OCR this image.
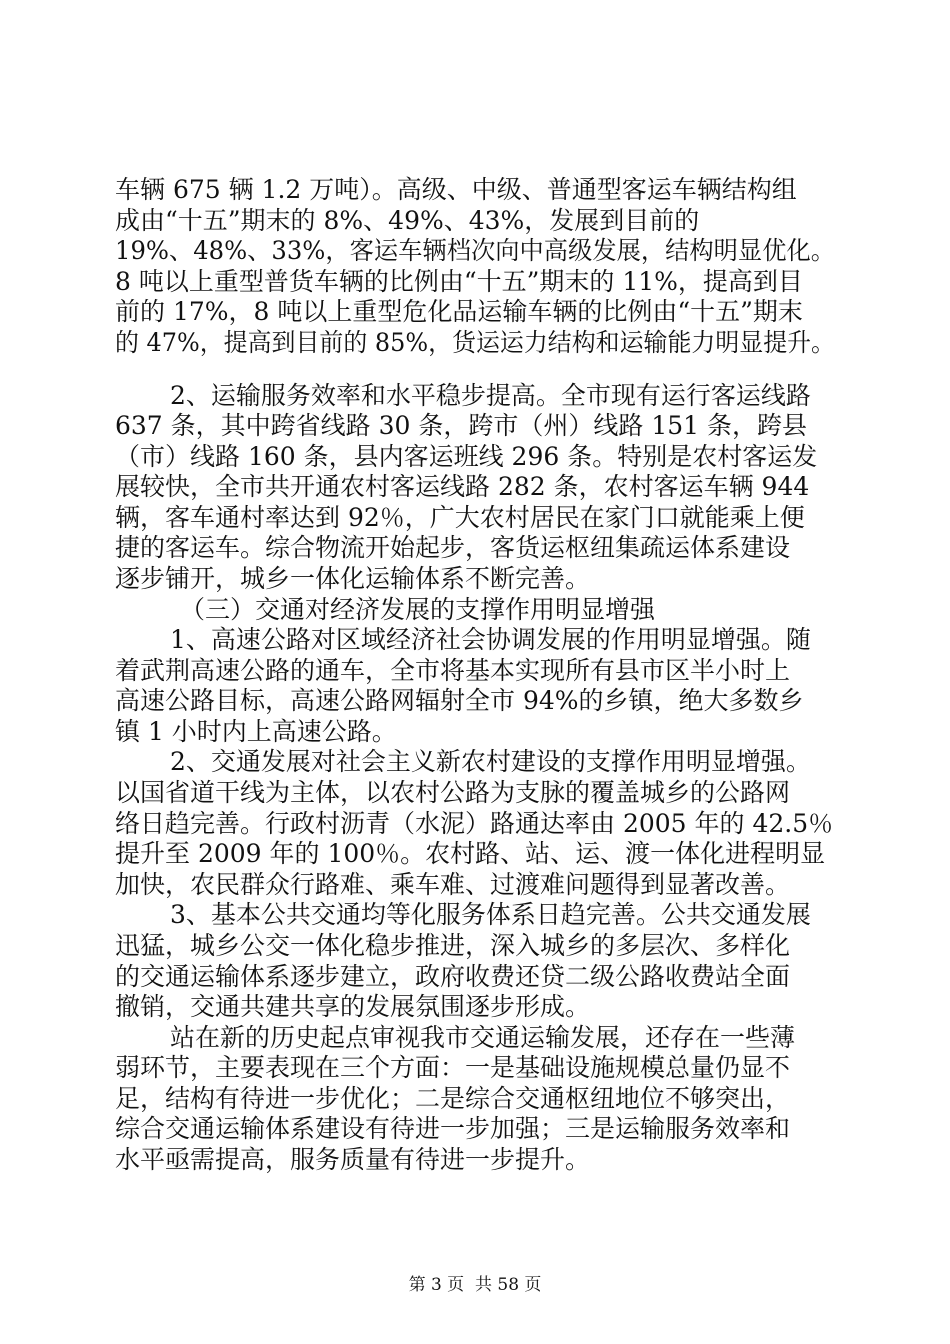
车辆 675 辆 1.2 万吨）。高级、中级、普通型客运车辆结构组
成由“十五”期末的 8%、49%、43%，发展到目前的
19%、48%、33%，客运车辆档次向中高级发展，结构明显优化。
8 吨以上重型普货车辆的比例由“十五”期末的 11%，提高到目
前的 17%，8 吨以上重型危化品运输车辆的比例由“十五”期末
的 47%，提高到目前的 85%，货运运力结构和运输能力明显提升。
2、运输服务效率和水平稳步提高。全市现有运行客运线路
637 条，其中跨省线路 30 条，跨市（州）线路 151 条，跨县
（市）线路 160 条，县内客运班线 296 条。特别是农村客运发
展较快，全市共开通农村客运线路 282 条，农村客运车辆 944
辆，客车通村率达到 92％，广大农村居民在家门口就能乘上便
捷的客运车。综合物流开始起步，客货运枢纽集疏运体系建设
逐步铺开，城乡一体化运输体系不断完善。
（三）交通对经济发展的支撑作用明显增强
1、高速公路对区域经济社会协调发展的作用明显增强。随
着武荆高速公路的通车，全市将基本实现所有县市区半小时上
高速公路目标，高速公路网辐射全市 94%的乡镇，绝大多数乡
镇 1 小时内上高速公路。
2、交通发展对社会主义新农村建设的支撑作用明显增强。
以国省道干线为主体，以农村公路为支脉的覆盖城乡的公路网
络日趋完善。行政村沥青（水泥）路通达率由 2005 年的 42.5％
提升至 2009 年的 100％。农村路、站、运、渡一体化进程明显
加快，农民群众行路难、乘车难、过渡难问题得到显著改善。
3、基本公共交通均等化服务体系日趋完善。公共交通发展
迅猛，城乡公交一体化稳步推进，深入城乡的多层次、多样化
的交通运输体系逐步建立，政府收费还贷二级公路收费站全面
撤销，交通共建共享的发展氛围逐步形成。
站在新的历史起点审视我市交通运输发展，还存在一些薄
弱环节，主要表现在三个方面：一是基础设施规模总量仍显不
足，结构有待进一步优化；二是综合交通枢纽地位不够突出，
综合交通运输体系建设有待进一步加强；三是运输服务效率和
水平亟需提高，服务质量有待进一步提升。
第 3 页  共 58 页
